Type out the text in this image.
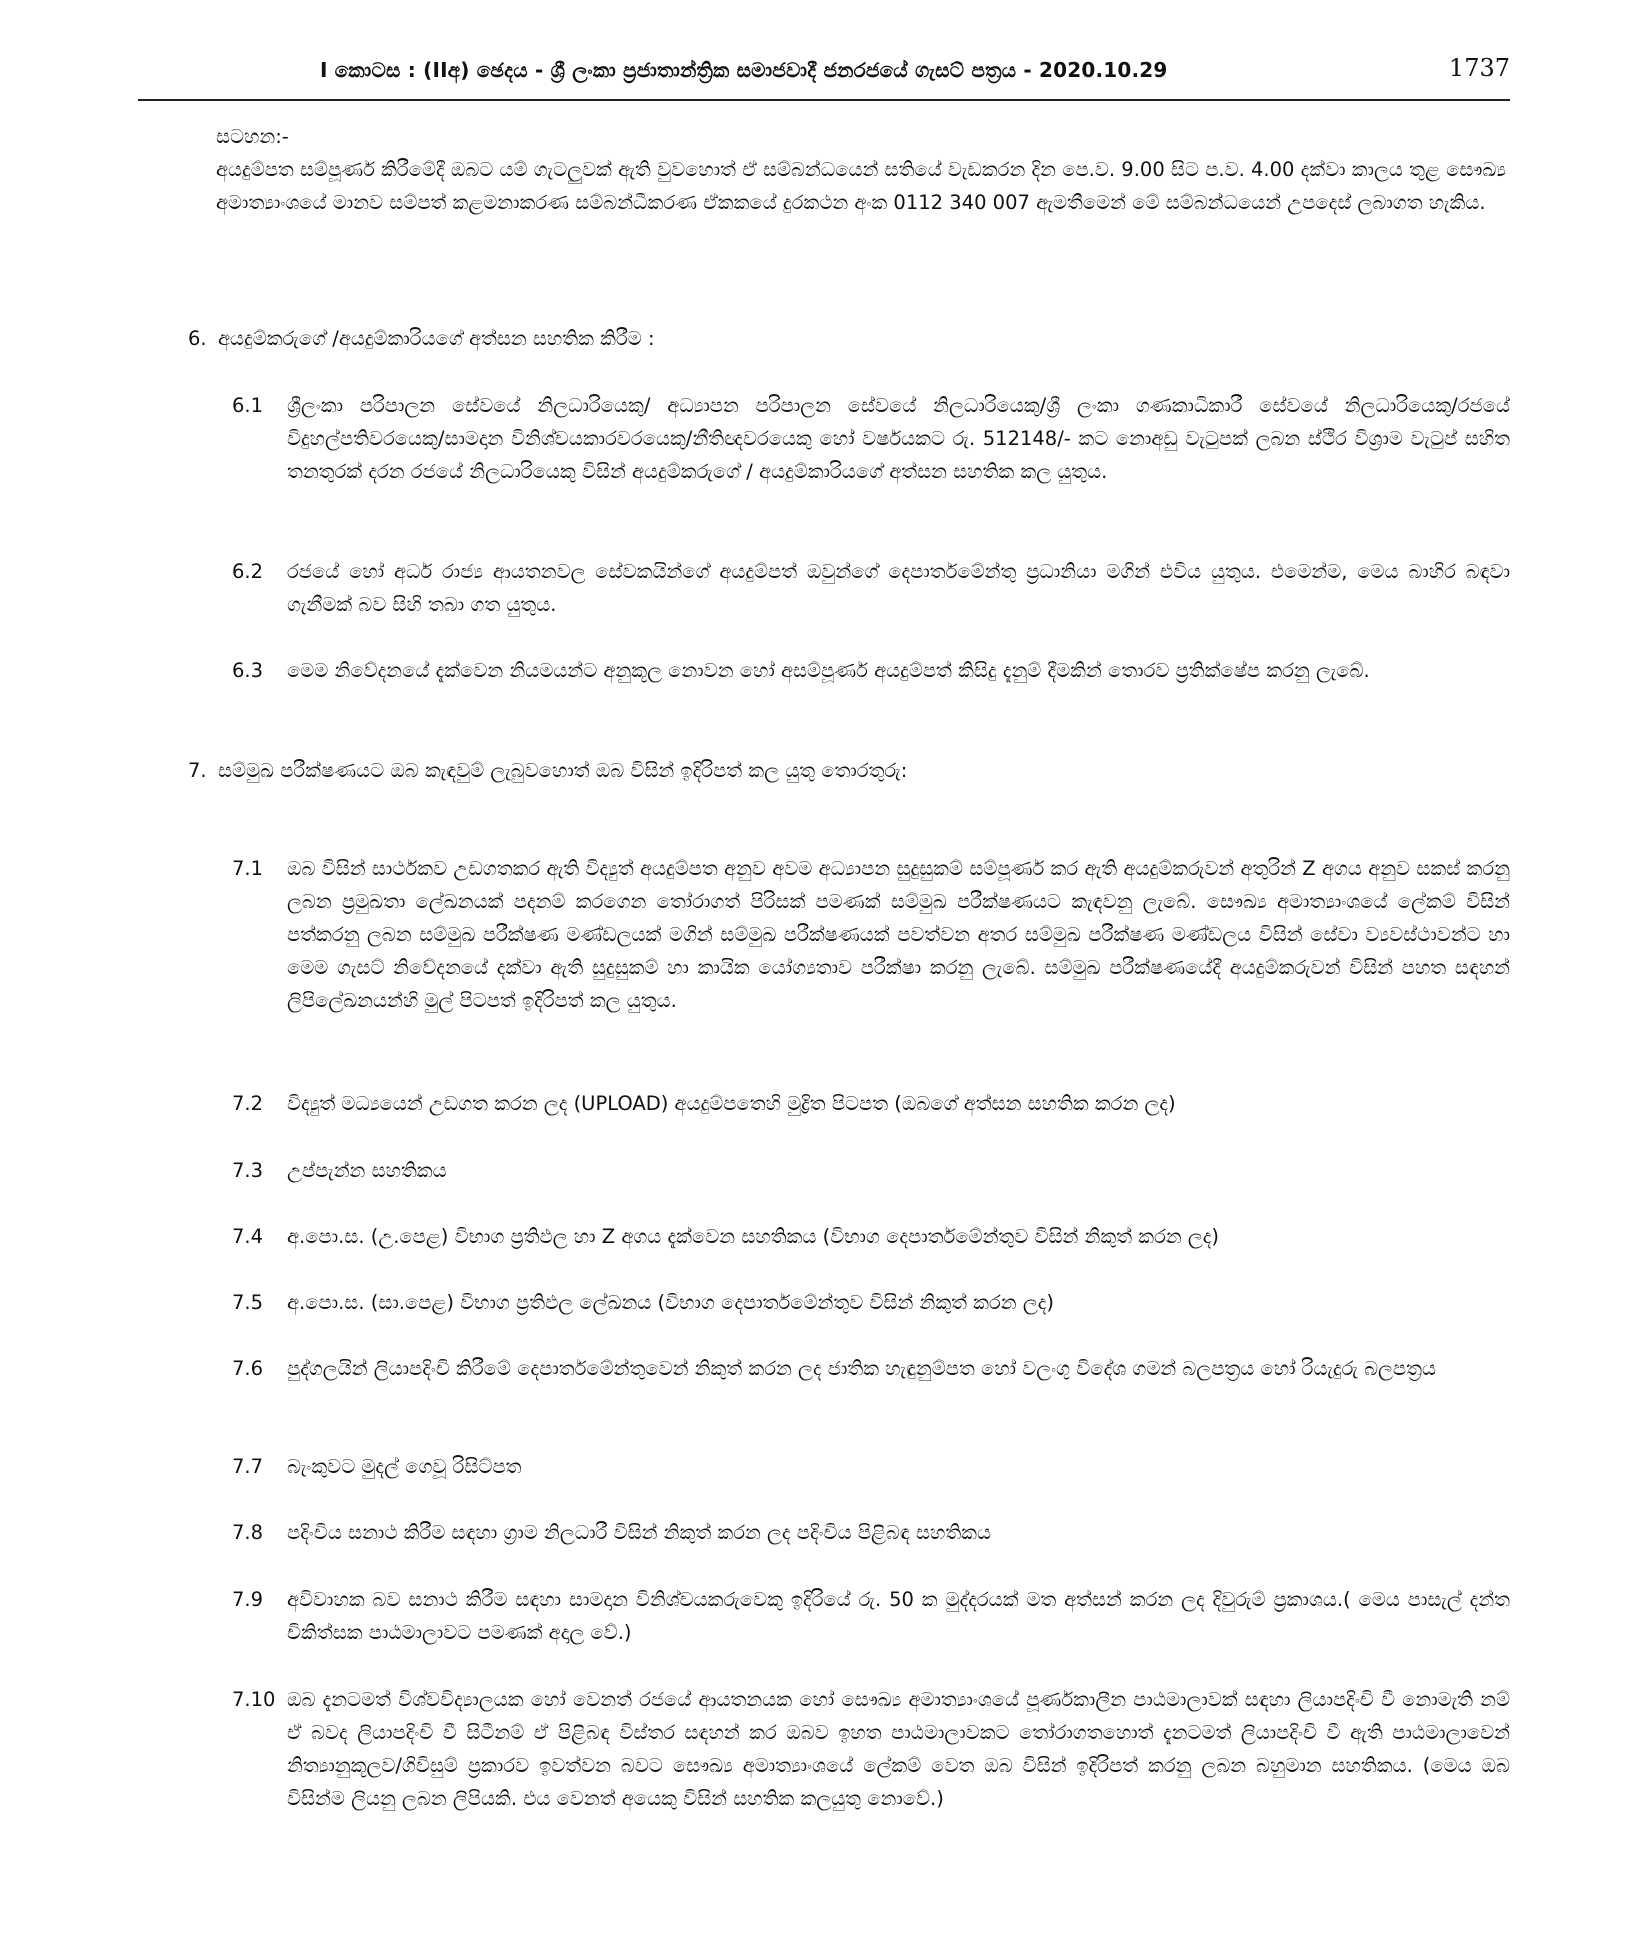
I කොටස : (IIඅ) ඡෙදය - ශ්‍රී ලංකා ප්‍රජාතාන්ත්‍රික සමාජවාදී ජනරජයේ ගැසට් පත්‍රය - 2020.10.29	1737
සටහන:-
අයදුම්පත සම්පූර්ණ කිරීමේදී ඔබට යම් ගැටලුවක් ඇති වුවහොත් ඒ සම්බන්ධයෙන් සතියේ වැඩකරන දින පෙ.ව. 9.00 සිට ප.ව. 4.00 දක්වා කාලය තුළ සෞඛ්‍ය අමාත්‍යාංශයේ මානව සම්පත් කළමනාකරණ සම්බන්ධීකරණ ඒකකයේ දුරකථන අංක 0112 340 007 ඇමතීමෙන් මේ සම්බන්ධයෙන් උපදෙස් ලබාගත හැකිය.
6. අයදුම්කරුගේ /අයදුම්කාරියගේ අත්සන සහතික කිරීම :
6.1	ශ්‍රීලංකා පරිපාලන සේවයේ නිලධාරියෙකු/ අධ්‍යාපන පරිපාලන සේවයේ නිලධාරියෙකු/ශ්‍රී ලංකා ගණකාධිකාරී සේවයේ නිලධාරියෙකු/රජයේ විදුහල්පතිවරයෙකු/සාමදාන විනිශ්චයකාරවරයෙකු/නීතිඥවරයෙකු හෝ වර්ෂයකට රු. 512148/- කට නොඅඩු වැටුපක් ලබන ස්ථිර විශ්‍රාම වැටුප් සහිත තනතුරක් දරන රජයේ නිලධාරියෙකු විසින් අයදුම්කරුගේ / අයදුම්කාරියගේ අත්සන සහතික කල යුතුය.
6.2	රජයේ හෝ අර්ධ රාජ්‍ය ආයතනවල සේවකයින්ගේ අයදුම්පත් ඔවුන්ගේ දෙපාර්තමේන්තු ප්‍රධානියා මගින් එවිය යුතුය. එමෙන්ම, මෙය බාහිර බඳවා ගැනීමක් බව සිහි තබා ගත යුතුය.
6.3	මෙම නිවේදනයේ දැක්වෙන නියමයන්ට අනුකූල නොවන හෝ අසම්පූර්ණ අයදුම්පත් කිසිදු දැනුම් දීමකින් තොරව ප්‍රතික්ෂේප කරනු ලැබේ.
7. සම්මුඛ පරීක්ෂණයට ඔබ කැඳවුම් ලැබුවහොත් ඔබ විසින් ඉදිරිපත් කල යුතු තොරතුරු:
7.1	ඔබ විසින් සාර්ථකව උඩගතකර ඇති විද්‍යුත් අයදුම්පත අනුව අවම අධ්‍යාපන සුදුසුකම් සම්පූර්ණ කර ඇති අයදුම්කරුවන් අතුරින් Z අගය අනුව සකස් කරනු ලබන ප්‍රමුඛතා ලේඛනයක් පදනම් කරගෙන තෝරාගත් පිරිසක් පමණක් සම්මුඛ පරීක්ෂණයට කැඳවනු ලැබේ. සෞඛ්‍ය අමාත්‍යාංශයේ ලේකම් විසින් පත්කරනු ලබන සම්මුඛ පරීක්ෂණ මණ්ඩලයක් මගින් සම්මුඛ පරීක්ෂණයක් පවත්වන අතර සම්මුඛ පරීක්ෂණ මණ්ඩලය විසින් සේවා ව්‍යවස්ථාවන්ට හා මෙම ගැසට් නිවේදනයේ දක්වා ඇති සුදුසුකම් හා කායික යෝග්‍යතාව පරීක්ෂා කරනු ලැබේ. සම්මුඛ පරීක්ෂණයේදී අයදුම්කරුවන් විසින් පහත සඳහන් ලිපිලේඛනයන්හි මුල් පිටපත් ඉදිරිපත් කල යුතුය.
7.2	විද්‍යුත් මධ්‍යයෙන් උඩගත කරන ලද (UPLOAD) අයදුම්පතෙහි මුද්‍රිත පිටපත (ඔබගේ අත්සන සහතික කරන ලද)
7.3	උප්පැන්න සහතිකය
7.4	අ.පො.ස. (උ.පෙළ) විභාග ප්‍රතිඵල හා Z අගය දැක්වෙන සහතිකය (විභාග දෙපාර්තමේන්තුව විසින් නිකුත් කරන ලද)
7.5	අ.පො.ස. (සා.පෙළ) විභාග ප්‍රතිඵල ලේඛනය (විභාග දෙපාර්තමේන්තුව විසින් නිකුත් කරන ලද)
7.6	පුද්ගලයින් ලියාපදිංචි කිරීමේ දෙපාර්තමේන්තුවෙන් නිකුත් කරන ලද ජාතික හැඳුනුම්පත හෝ වලංගු විදේශ ගමන් බලපත්‍රය හෝ රියැදුරු බලපත්‍රය
7.7	බැංකුවට මුදල් ගෙවූ රිසිට්පත
7.8	පදිංචිය සනාථ කිරීම සඳහා ග්‍රාම නිලධාරී විසින් නිකුත් කරන ලද පදිංචිය පිළිබඳ සහතිකය
7.9	අවිවාහක බව සනාථ කිරීම සඳහා සාමදාන විනිශ්චයකරුවෙකු ඉදිරියේ රු. 50 ක මුද්දරයක් මත අත්සන් කරන ලද දිවුරුම් ප්‍රකාශය.( මෙය පාසැල් දන්ත චිකිත්සක පාඨමාලාවට පමණක් අදාල වේ.)
7.10 ඔබ දැනටමත් විශ්වවිද්‍යාලයක හෝ වෙනත් රජයේ ආයතනයක හෝ සෞඛ්‍ය අමාත්‍යාංශයේ පූර්ණකාලීන පාඨමාලාවක් සඳහා ලියාපදිංචි වී නොමැති නම් ඒ බවද ලියාපදිංචි වී සිටීනම් ඒ පිළිබඳ විස්තර සඳහන් කර ඔබව ඉහත පාඨමාලාවකට තෝරාගතහොත් දැනටමත් ලියාපදිංචි වී ඇති පාඨමාලාවෙන් නිත්‍යානුකූලව/ගිවිසුම් ප්‍රකාරව ඉවත්වන බවට සෞඛ්‍ය අමාත්‍යාංශයේ ලේකම් වෙත ඔබ විසින් ඉදිරිපත් කරනු ලබන බහුමාන සහතිකය. (මෙය ඔබ විසින්ම ලියනු ලබන ලිපියකි. එය වෙනත් අයෙකු විසින් සහතික කලයුතු නොවේ.)
